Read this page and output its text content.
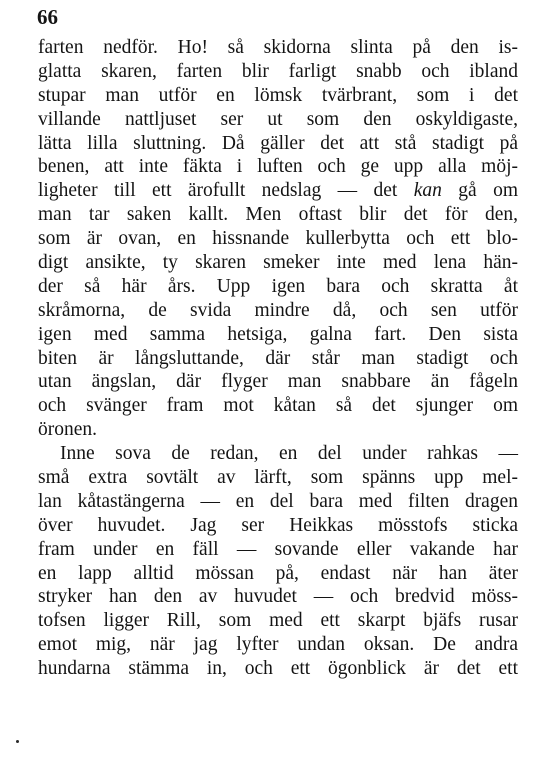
66
farten nedför. Ho! så skidorna slinta på den is-
glatta skaren, farten blir farligt snabb och ibland
stupar man utför en lömsk tvärbrant, som i det
villande nattljuset ser ut som den oskyldigaste,
lätta lilla sluttning. Då gäller det att stå stadigt på
benen, att inte fäkta i luften och ge upp alla möj-
ligheter till ett ärofullt nedslag — det kan gå om
man tar saken kallt. Men oftast blir det för den,
som är ovan, en hissnande kullerbytta och ett blo-
digt ansikte, ty skaren smeker inte med lena hän-
der så här års. Upp igen bara och skratta åt
skråmorna, de svida mindre då, och sen utför
igen med samma hetsiga, galna fart. Den sista
biten är långsluttande, där står man stadigt och
utan ängslan, där flyger man snabbare än fågeln
och svänger fram mot kåtan så det sjunger om
öronen.
Inne sova de redan, en del under rahkas —
små extra sovtält av lärft, som spänns upp mel-
lan kåtastängerna — en del bara med filten dragen
över huvudet. Jag ser Heikkas mösstofs sticka
fram under en fäll — sovande eller vakande har
en lapp alltid mössan på, endast när han äter
stryker han den av huvudet — och bredvid möss-
tofsen ligger Rill, som med ett skarpt bjäfs rusar
emot mig, när jag lyfter undan oksan. De andra
hundarna stämma in, och ett ögonblick är det ett
